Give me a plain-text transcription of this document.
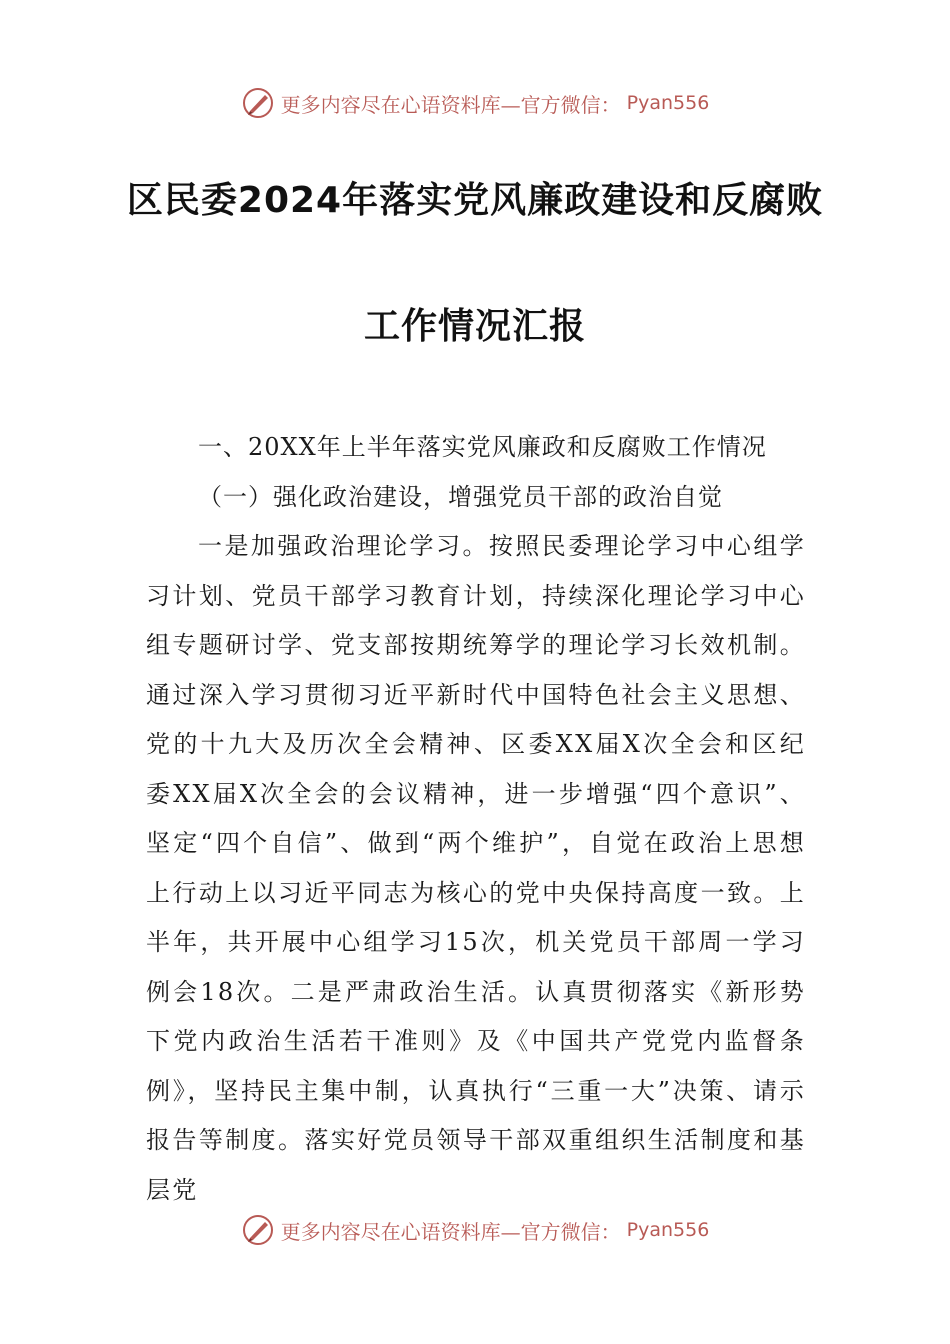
更多内容尽在心语资料库—官方微信： Pyan556
区民委2024年落实党风廉政建设和反腐败
工作情况汇报
一、20XX年上半年落实党风廉政和反腐败工作情况
（一）强化政治建设，增强党员干部的政治自觉

一是加强政治理论学习。按照民委理论学习中心组学习计划、党员干部学习教育计划，持续深化理论学习中心组专题研讨学、党支部按期统筹学的理论学习长效机制。通过深入学习贯彻习近平新时代中国特色社会主义思想、党的十九大及历次全会精神、区委XX届X次全会和区纪委XX届X次全会的会议精神，进一步增强“四个意识”、坚定“四个自信”、做到“两个维护”，自觉在政治上思想上行动上以习近平同志为核心的党中央保持高度一致。上半年，共开展中心组学习15次，机关党员干部周一学习例会18次。二是严肃政治生活。认真贯彻落实《新形势下党内政治生活若干准则》及《中国共产党党内监督条例》，坚持民主集中制，认真执行“三重一大”决策、请示报告等制度。落实好党员领导干部双重组织生活制度和基层党

更多内容尽在心语资料库—官方微信： Pyan556
